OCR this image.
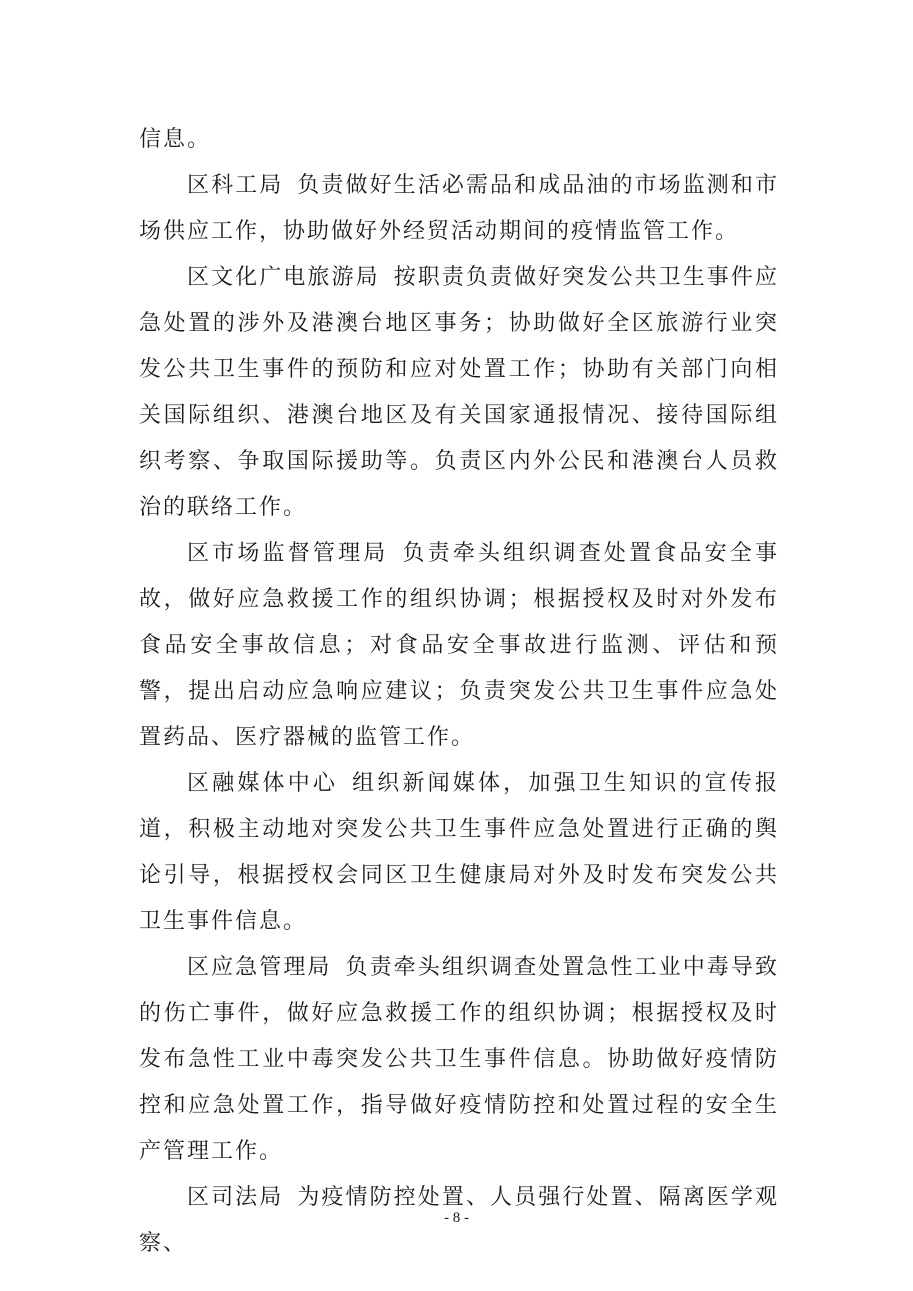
信息。

区科工局 负责做好生活必需品和成品油的市场监测和市场供应工作，协助做好外经贸活动期间的疫情监管工作。

区文化广电旅游局 按职责负责做好突发公共卫生事件应急处置的涉外及港澳台地区事务；协助做好全区旅游行业突发公共卫生事件的预防和应对处置工作；协助有关部门向相关国际组织、港澳台地区及有关国家通报情况、接待国际组织考察、争取国际援助等。负责区内外公民和港澳台人员救治的联络工作。

区市场监督管理局 负责牵头组织调查处置食品安全事故，做好应急救援工作的组织协调；根据授权及时对外发布食品安全事故信息；对食品安全事故进行监测、评估和预警，提出启动应急响应建议；负责突发公共卫生事件应急处置药品、医疗器械的监管工作。

区融媒体中心 组织新闻媒体，加强卫生知识的宣传报道，积极主动地对突发公共卫生事件应急处置进行正确的舆论引导，根据授权会同区卫生健康局对外及时发布突发公共卫生事件信息。

区应急管理局 负责牵头组织调查处置急性工业中毒导致的伤亡事件，做好应急救援工作的组织协调；根据授权及时发布急性工业中毒突发公共卫生事件信息。协助做好疫情防控和应急处置工作，指导做好疫情防控和处置过程的安全生产管理工作。

区司法局 为疫情防控处置、人员强行处置、隔离医学观察、

- 8 -
